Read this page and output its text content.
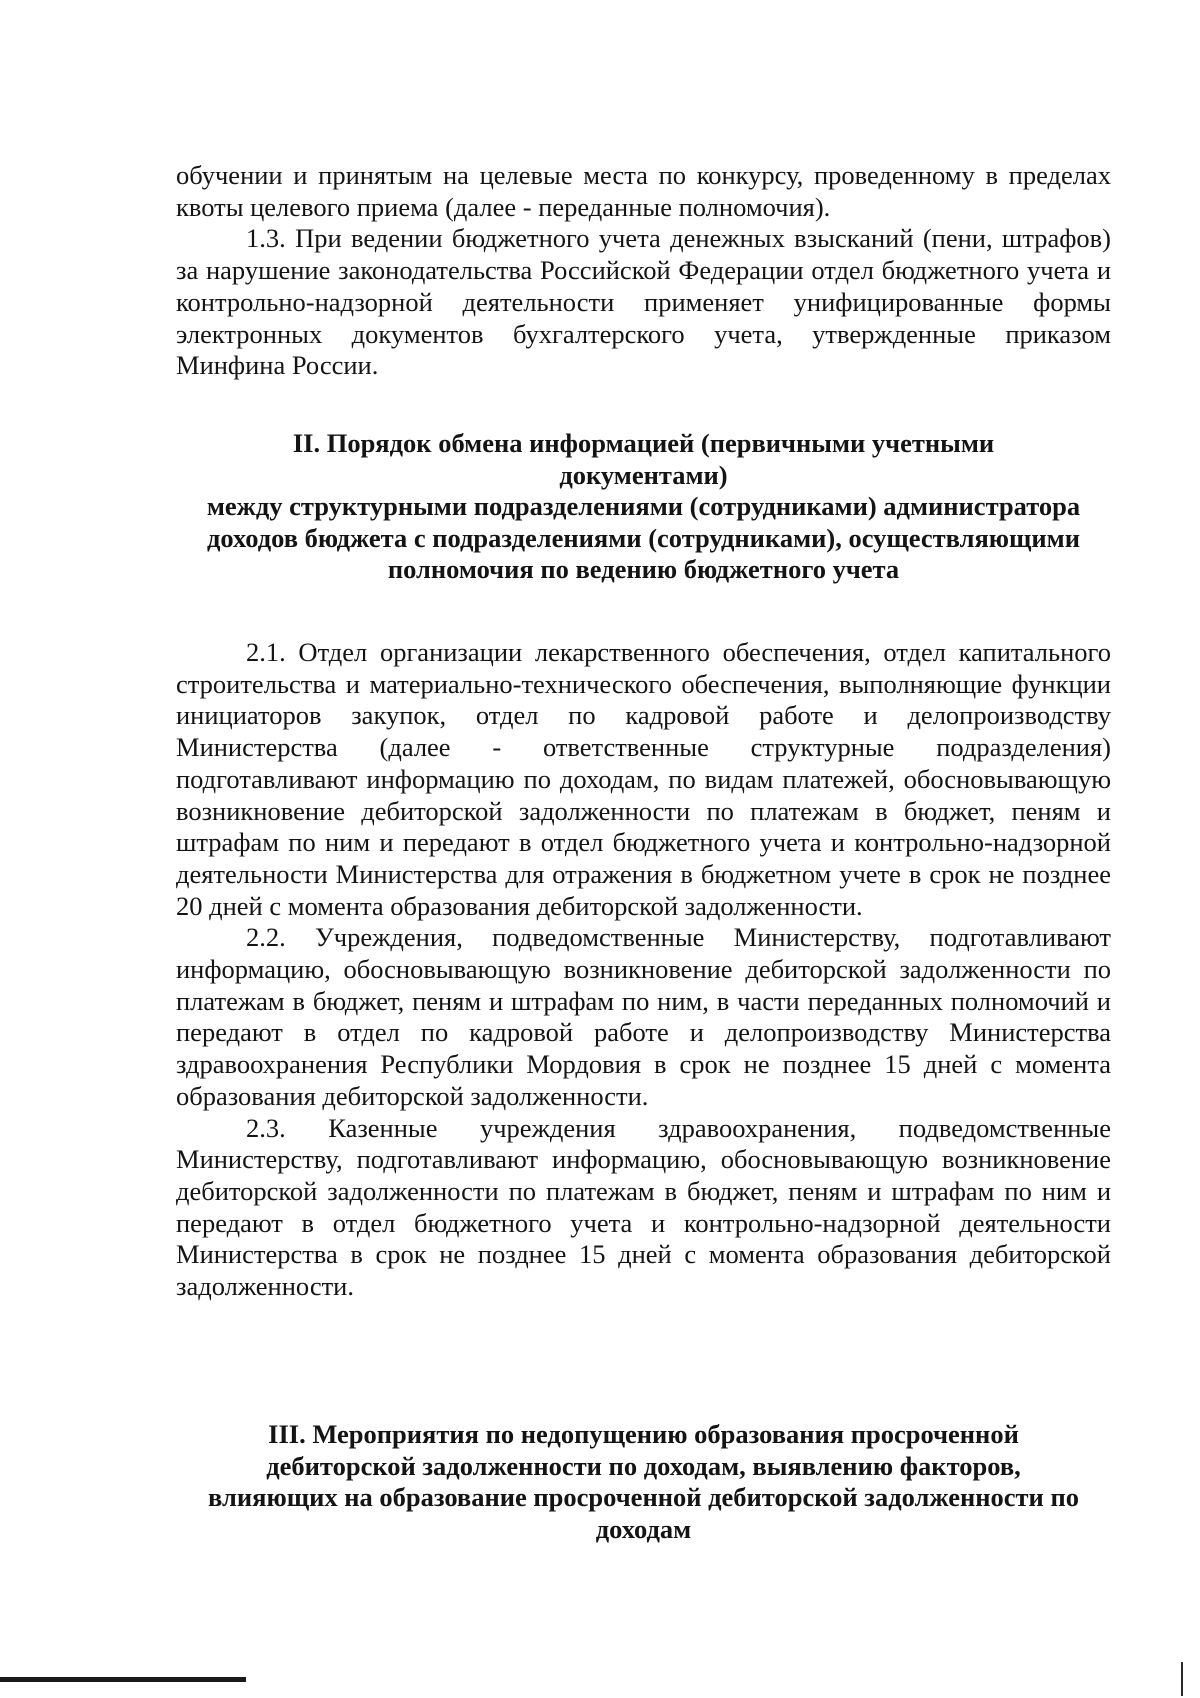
обучении и принятым на целевые места по конкурсу, проведенному в пределах квоты целевого приема (далее - переданные полномочия).

1.3. При ведении бюджетного учета денежных взысканий (пени, штрафов) за нарушение законодательства Российской Федерации отдел бюджетного учета и контрольно-надзорной деятельности применяет унифицированные формы электронных документов бухгалтерского учета, утвержденные приказом Минфина России.

II. Порядок обмена информацией (первичными учетными
документами)
между структурными подразделениями (сотрудниками) администратора
доходов бюджета с подразделениями (сотрудниками), осуществляющими
полномочия по ведению бюджетного учета

2.1. Отдел организации лекарственного обеспечения, отдел капитального строительства и материально-технического обеспечения, выполняющие функции инициаторов закупок, отдел по кадровой работе и делопроизводству Министерства (далее - ответственные структурные подразделения) подготавливают информацию по доходам, по видам платежей, обосновывающую возникновение дебиторской задолженности по платежам в бюджет, пеням и штрафам по ним и передают в отдел бюджетного учета и контрольно-надзорной деятельности Министерства для отражения в бюджетном учете в срок не позднее 20 дней с момента образования дебиторской задолженности.

2.2. Учреждения, подведомственные Министерству, подготавливают информацию, обосновывающую возникновение дебиторской задолженности по платежам в бюджет, пеням и штрафам по ним, в части переданных полномочий и передают в отдел по кадровой работе и делопроизводству Министерства здравоохранения Республики Мордовия в срок не позднее 15 дней с момента образования дебиторской задолженности.

2.3. Казенные учреждения здравоохранения, подведомственные Министерству, подготавливают информацию, обосновывающую возникновение дебиторской задолженности по платежам в бюджет, пеням и штрафам по ним и передают в отдел бюджетного учета и контрольно-надзорной деятельности Министерства в срок не позднее 15 дней с момента образования дебиторской задолженности.

III. Мероприятия по недопущению образования просроченной
дебиторской задолженности по доходам, выявлению факторов,
влияющих на образование просроченной дебиторской задолженности по
доходам
